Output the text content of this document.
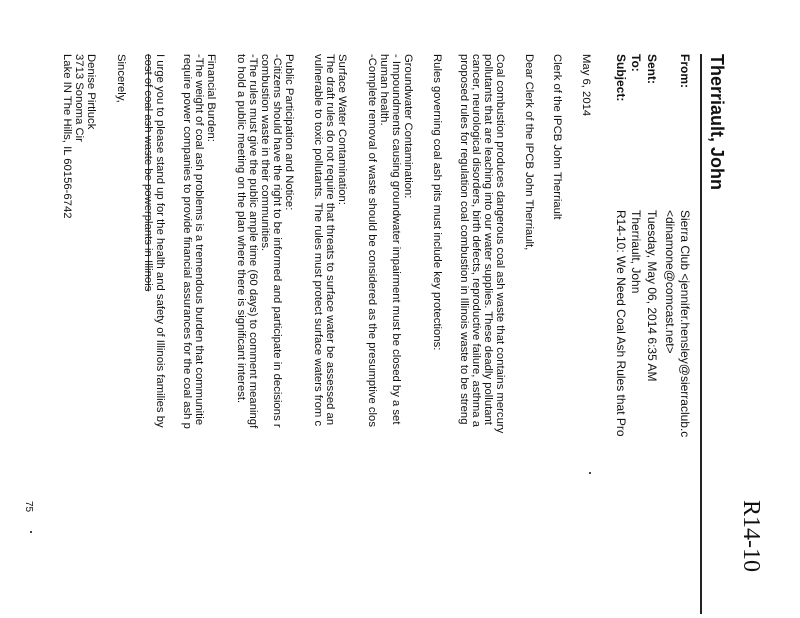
R14-10
Therriault, John
From:
Sierra Club <jennifer.hensley@sierraclub.c
<dinamone@comcast.net>
Sent:
Tuesday, May 06, 2014 6:35 AM
To:
Therriault, John
Subject:
R14-10: We Need Coal Ash Rules that Pro
May 6, 2014
Clerk of the IPCB John Therriault
Dear Clerk of the IPCB John Therriault,
Coal combustion produces dangerous coal ash waste that contains mercury
pollutants that are leaching into our water supplies. These deadly pollutant
cancer, neurological disorders, birth defects, reproductive failure, asthma a
proposed rules for regulation coal combustion in Illinois waste to be streng
Rules governing coal ash pits must include key protections:
Groundwater Contamination:
- Impoundments causing groundwater impairment must be closed by a set
human health.
-Complete removal of waste should be considered as the presumptive clos
Surface Water Contamination:
The draft rules do not require that threats to surface water be assessed an
vulnerable to toxic pollutants. The rules must protect surface waters from c
Public Participation and Notice:
-Citizens should have the right to be informed and participate in decisions r
combustion waste in their communities.
-The rules must give the public ample time (60 days) to comment meaningf
to hold a public meeting on the plan where there is significant interest.
Financial Burden:
-The weight of coal ash problems is a tremendous burden that communitie
require power companies to provide financial assurances for the coal ash p
I urge you to please stand up for the health and safety of Illinois families by
cost of coal ash waste be powerplants in Illinois
Sincerely,
Denise Pirtluck
3713 Sonoma Cir
Lake IN The Hills, IL 60156-6742
75
